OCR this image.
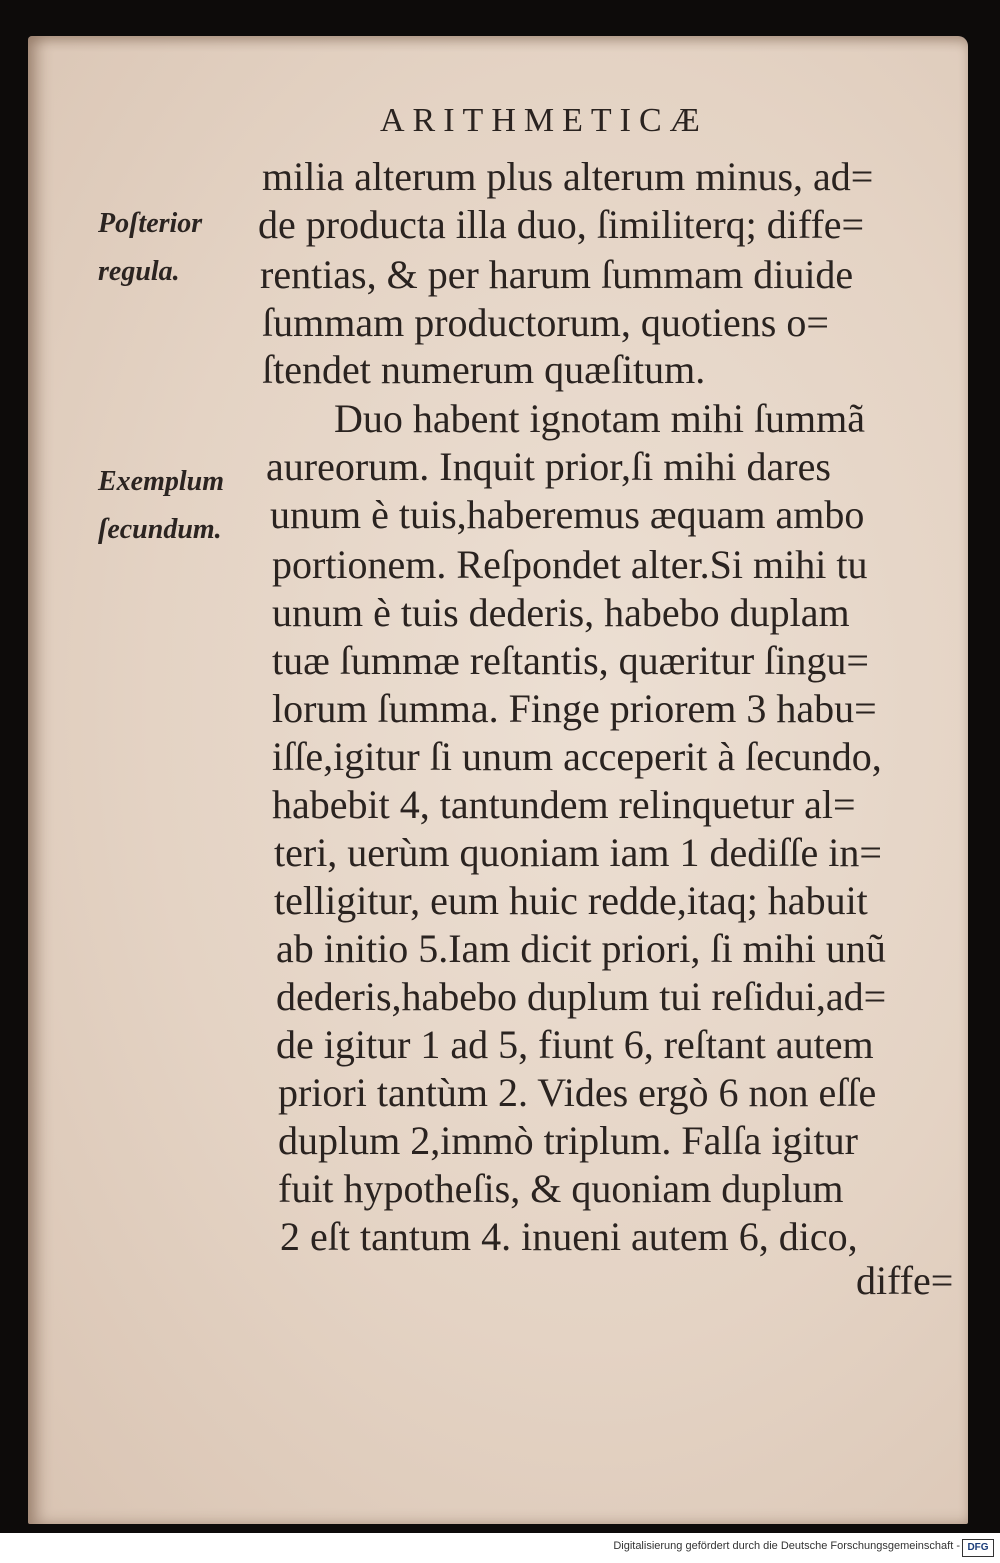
ARITHMETICÆ
Poſterior regula.
Exemplum ſecundum.
milia alterum plus alterum minus, ad=
de producta illa duo, ſimiliterq; diffe=
rentias, & per harum ſummam diuide
ſummam productorum, quotiens o=
ſtendet numerum quæſitum.
Duo habent ignotam mihi ſummã
aureorum. Inquit prior,ſi mihi dares
unum è tuis,haberemus æquam ambo
portionem. Reſpondet alter.Si mihi tu
unum è tuis dederis, habebo duplam
tuæ ſummæ reſtantis, quæritur ſingu=
lorum ſumma. Finge priorem 3 habu=
iſſe,igitur ſi unum acceperit à ſecundo,
habebit 4, tantundem relinquetur al=
teri, uerùm quoniam iam 1 dediſſe in=
telligitur, eum huic redde,itaq; habuit
ab initio 5.Iam dicit priori, ſi mihi unũ
dederis,habebo duplum tui reſidui,ad=
de igitur 1 ad 5, fiunt 6, reſtant autem
priori tantùm 2. Vides ergò 6 non eſſe
duplum 2,immò triplum. Falſa igitur
fuit hypotheſis, & quoniam duplum
2 eſt tantum 4. inueni autem 6, dico,
diffe=
Digitalisierung gefördert durch die Deutsche Forschungsgemeinschaft - DFG
